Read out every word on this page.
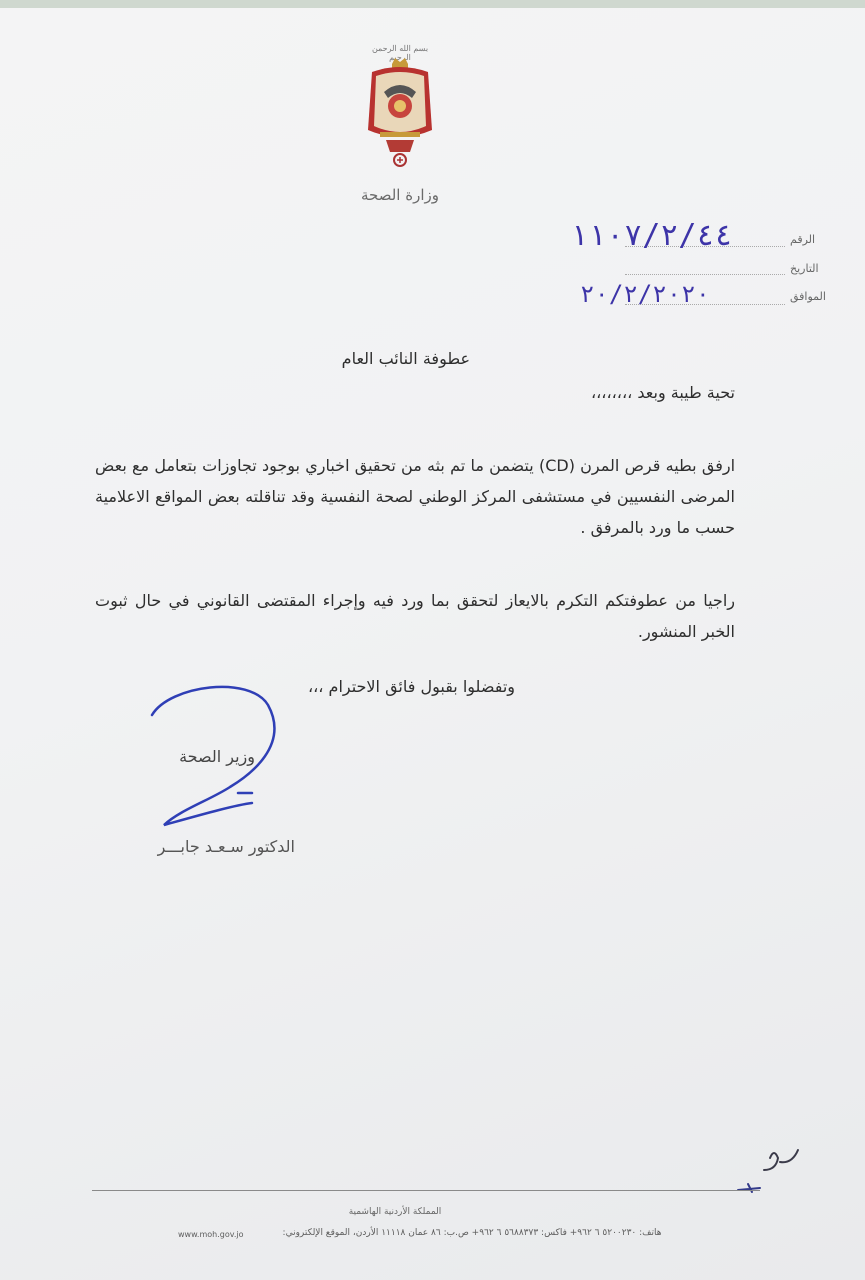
بسم الله الرحمن الرحيم
وزارة الصحة
الرقم
١١٠٧/٢/٤٤
التاريخ
الموافق
٢٠/٢/٢٠٢٠
عطوفة النائب العام
تحية طيبة وبعد ،،،،،،،،
ارفق بطيه قرص المرن (CD) يتضمن ما تم بثه من تحقيق اخباري بوجود تجاوزات بتعامل مع بعض المرضى النفسيين في مستشفى المركز الوطني لصحة النفسية وقد تناقلته بعض المواقع الاعلامية حسب ما ورد بالمرفق .
راجيا من عطوفتكم التكرم بالايعاز لتحقق بما ورد فيه وإجراء المقتضى القانوني في حال ثبوت الخبر المنشور.
وتفضلوا بقبول فائق الاحترام ،،،
وزير الصحة
الدكتور سـعـد جابـــر
المملكة الأردنية الهاشمية
هاتف: ٥٢٠٠٢٣٠ ٦ ٩٦٢+ فاكس: ٥٦٨٨٣٧٣ ٦ ٩٦٢+ ص.ب: ٨٦ عمان ١١١١٨ الأردن، الموقع الإلكتروني:
www.moh.gov.jo
